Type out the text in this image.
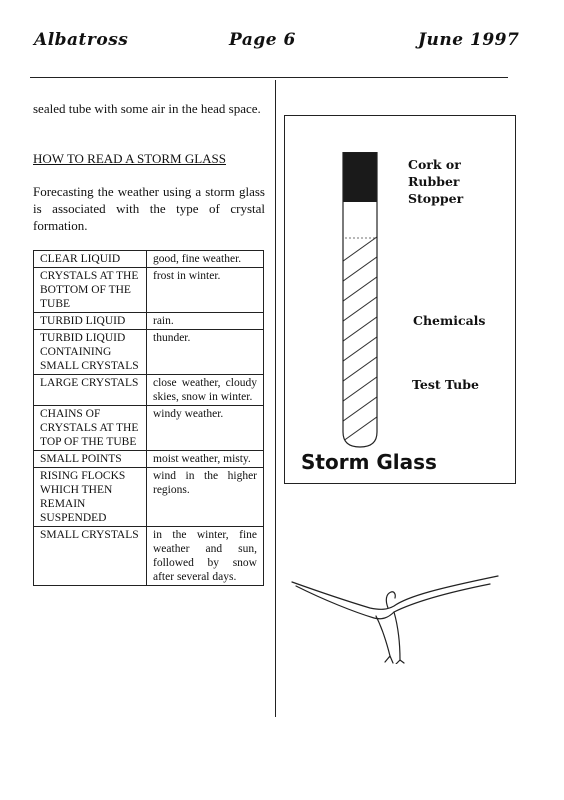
Albatross	Page 6	June 1997
sealed tube with some air in the head space.
HOW TO READ A STORM GLASS
Forecasting the weather using a storm glass is associated with the type of crystal formation.
CLEAR LIQUID	good, fine weather.
CRYSTALS AT THE BOTTOM OF THE TUBE	frost in winter.
TURBID LIQUID	rain.
TURBID LIQUID CONTAINING SMALL CRYSTALS	thunder.
LARGE CRYSTALS	close weather, cloudy skies, snow in winter.
CHAINS OF CRYSTALS AT THE TOP OF THE TUBE	windy weather.
SMALL POINTS	moist weather, misty.
RISING FLOCKS WHICH THEN REMAIN SUSPENDED	wind in the higher regions.
SMALL CRYSTALS	in the winter, fine weather and sun, followed by snow after several days.
Cork or Rubber Stopper
Chemicals
Test Tube
Storm Glass
